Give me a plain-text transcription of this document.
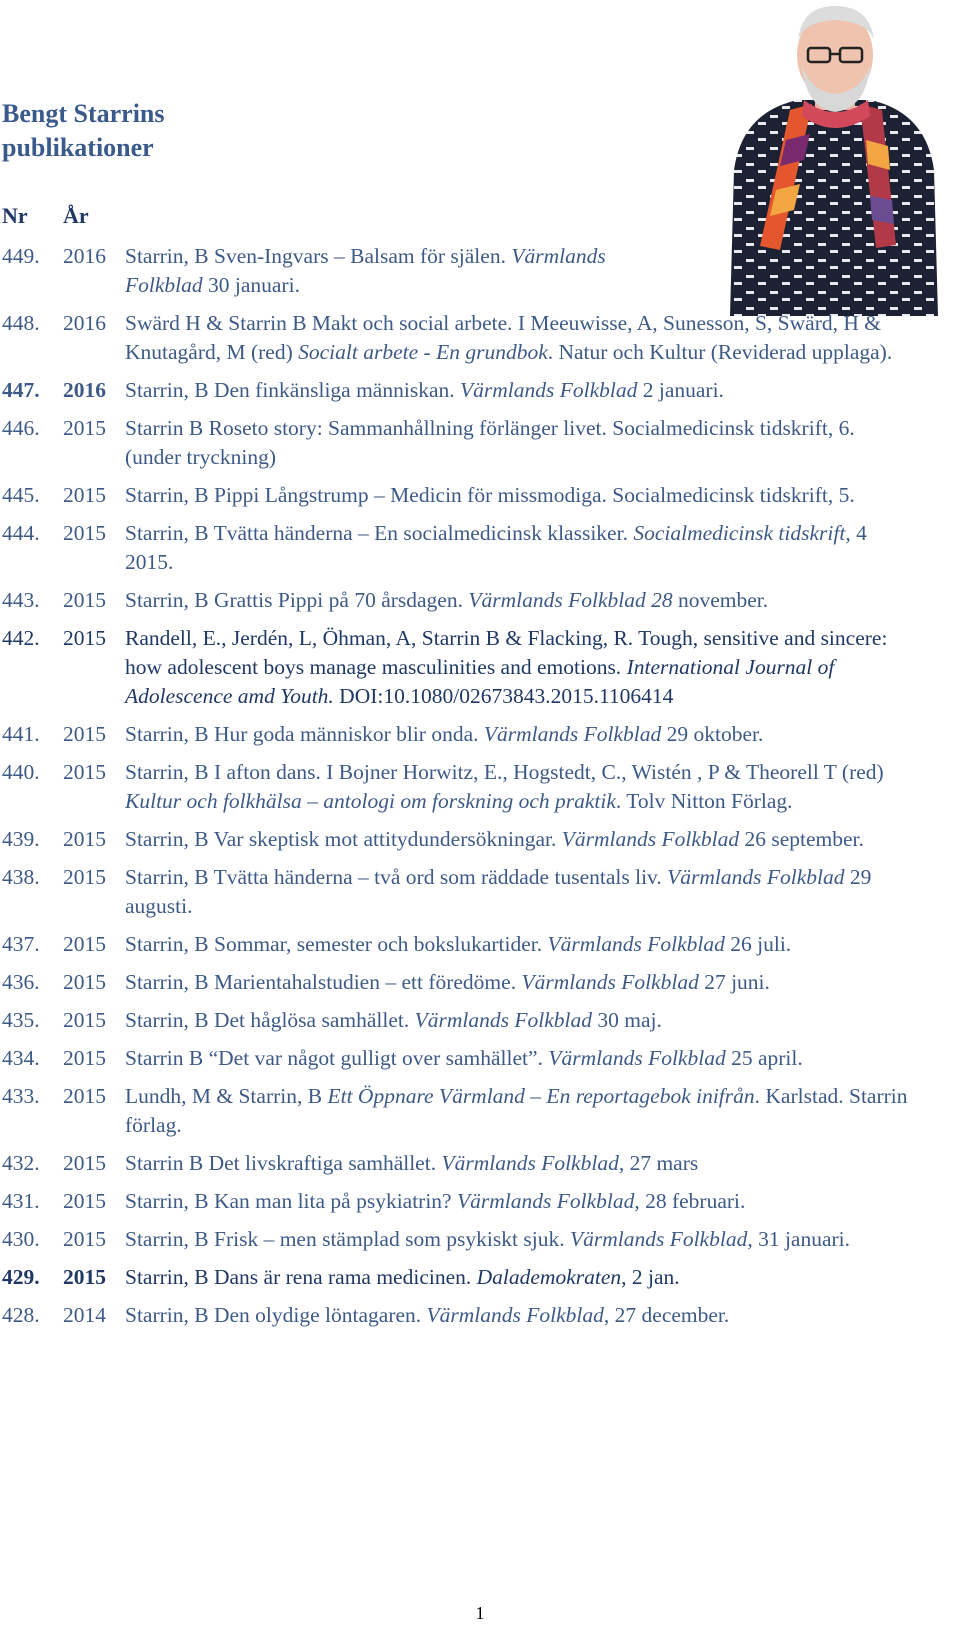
Bengt Starrins
publikationer
Nr År
449. 2016 Starrin, B Sven-Ingvars – Balsam för själen. Värmlands Folkblad 30 januari.
448. 2016 Swärd H & Starrin B Makt och social arbete. I Meeuwisse, A, Sunesson, S, Swärd, H & Knutagård, M (red) Socialt arbete - En grundbok. Natur och Kultur (Reviderad upplaga).
447. 2016 Starrin, B Den finkänsliga människan. Värmlands Folkblad 2 januari.
446. 2015 Starrin B Roseto story: Sammanhållning förlänger livet. Socialmedicinsk tidskrift, 6. (under tryckning)
445. 2015 Starrin, B Pippi Långstrump – Medicin för missmodiga. Socialmedicinsk tidskrift, 5.
444. 2015 Starrin, B Tvätta händerna – En socialmedicinsk klassiker. Socialmedicinsk tidskrift, 4 2015.
443. 2015 Starrin, B Grattis Pippi på 70 årsdagen. Värmlands Folkblad 28 november.
442. 2015 Randell, E., Jerdén, L, Öhman, A, Starrin B & Flacking, R. Tough, sensitive and sincere: how adolescent boys manage masculinities and emotions. International Journal of Adolescence amd Youth. DOI:10.1080/02673843.2015.1106414
441. 2015 Starrin, B Hur goda människor blir onda. Värmlands Folkblad 29 oktober.
440. 2015 Starrin, B I afton dans. I Bojner Horwitz, E., Hogstedt, C., Wistén , P & Theorell T (red) Kultur och folkhälsa – antologi om forskning och praktik. Tolv Nitton Förlag.
439. 2015 Starrin, B Var skeptisk mot attitydundersökningar. Värmlands Folkblad 26 september.
438. 2015 Starrin, B Tvätta händerna – två ord som räddade tusentals liv. Värmlands Folkblad 29 augusti.
437. 2015 Starrin, B Sommar, semester och bokslukartider. Värmlands Folkblad 26 juli.
436. 2015 Starrin, B Marientahalstudien – ett föredöme. Värmlands Folkblad 27 juni.
435. 2015 Starrin, B Det håglösa samhället. Värmlands Folkblad 30 maj.
434. 2015 Starrin B “Det var något gulligt over samhället”. Värmlands Folkblad 25 april.
433. 2015 Lundh, M & Starrin, B Ett Öppnare Värmland – En reportagebok inifrån. Karlstad. Starrin förlag.
432. 2015 Starrin B Det livskraftiga samhället. Värmlands Folkblad, 27 mars
431. 2015 Starrin, B Kan man lita på psykiatrin? Värmlands Folkblad, 28 februari.
430. 2015 Starrin, B Frisk – men stämplad som psykiskt sjuk. Värmlands Folkblad, 31 januari.
429. 2015 Starrin, B Dans är rena rama medicinen. Dalademokraten, 2 jan.
428. 2014 Starrin, B Den olydige löntagaren. Värmlands Folkblad, 27 december.
1
